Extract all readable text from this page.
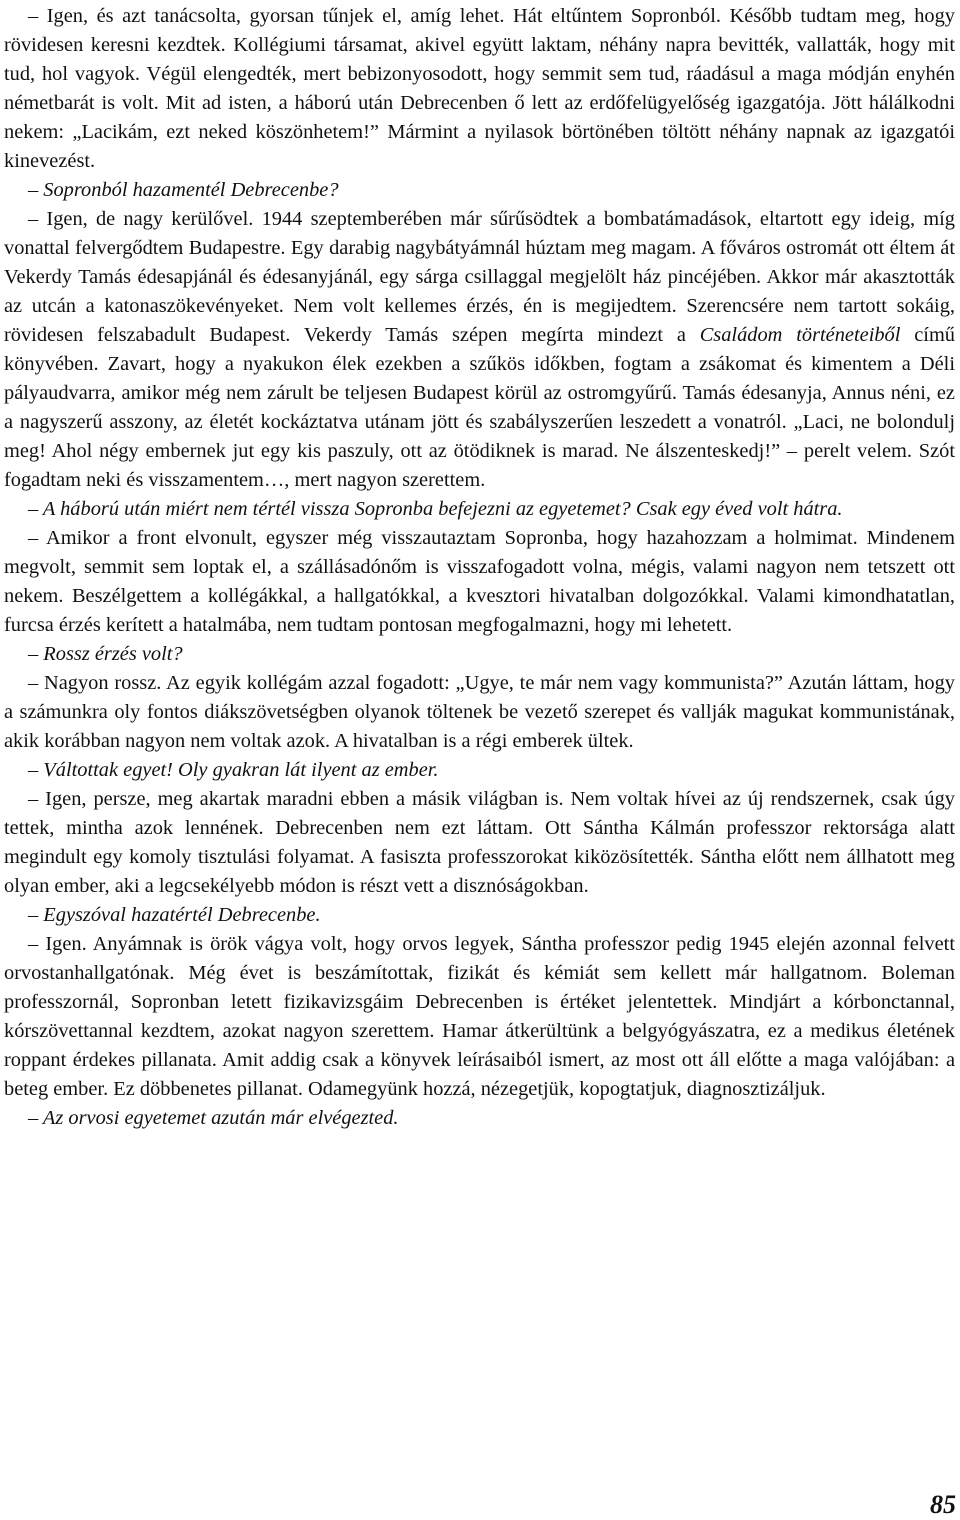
– Igen, és azt tanácsolta, gyorsan tűnjek el, amíg lehet. Hát eltűntem Sopronból. Később tudtam meg, hogy rövidesen keresni kezdtek. Kollégiumi társamat, akivel együtt laktam, néhány napra bevitték, vallatták, hogy mit tud, hol vagyok. Végül elengedték, mert bebizonyosodott, hogy semmit sem tud, ráadásul a maga módján enyhén németbarát is volt. Mit ad isten, a háború után Debrecenben ő lett az erdőfelügyelőség igazgatója. Jött hálálkodni nekem: „Lacikám, ezt neked köszönhetem!” Mármint a nyilasok börtönében töltött néhány napnak az igazgatói kinevezést.

– Sopronból hazamentél Debrecenbe?

– Igen, de nagy kerülővel. 1944 szeptemberében már sűrűsödtek a bombatámadások, eltartott egy ideig, míg vonattal felvergődtem Budapestre. Egy darabig nagybátyámnál húztam meg magam. A főváros ostromát ott éltem át Vekerdy Tamás édesapjánál és édesanyjánál, egy sárga csillaggal megjelölt ház pincéjében. Akkor már akasztották az utcán a katonaszökevényeket. Nem volt kellemes érzés, én is megijedtem. Szerencsére nem tartott sokáig, rövidesen felszabadult Budapest. Vekerdy Tamás szépen megírta mindezt a Családom történeteiből című könyvében. Zavart, hogy a nyakukon élek ezekben a szűkös időkben, fogtam a zsákomat és kimentem a Déli pályaudvarra, amikor még nem zárult be teljesen Budapest körül az ostromgyűrű. Tamás édesanyja, Annus néni, ez a nagyszerű asszony, az életét kockáztatva utánam jött és szabályszerűen leszedett a vonatról. „Laci, ne bolondulj meg! Ahol négy embernek jut egy kis paszuly, ott az ötödiknek is marad. Ne álszenteskedj!” – perelt velem. Szót fogadtam neki és visszamentem…, mert nagyon szerettem.

– A háború után miért nem tértél vissza Sopronba befejezni az egyetemet? Csak egy éved volt hátra.

– Amikor a front elvonult, egyszer még visszautaztam Sopronba, hogy hazahozzam a holmimat. Mindenem megvolt, semmit sem loptak el, a szállásadónőm is visszafogadott volna, mégis, valami nagyon nem tetszett ott nekem. Beszélgettem a kollégákkal, a hallgatókkal, a kvesztori hivatalban dolgozókkal. Valami kimondhatatlan, furcsa érzés kerített a hatalmába, nem tudtam pontosan megfogalmazni, hogy mi lehetett.

– Rossz érzés volt?

– Nagyon rossz. Az egyik kollégám azzal fogadott: „Ugye, te már nem vagy kommunista?” Azután láttam, hogy a számunkra oly fontos diákszövetségben olyanok töltenek be vezető szerepet és vallják magukat kommunistának, akik korábban nagyon nem voltak azok. A hivatalban is a régi emberek ültek.

– Váltottak egyet! Oly gyakran lát ilyent az ember.

– Igen, persze, meg akartak maradni ebben a másik világban is. Nem voltak hívei az új rendszernek, csak úgy tettek, mintha azok lennének. Debrecenben nem ezt láttam. Ott Sántha Kálmán professzor rektorsága alatt megindult egy komoly tisztulási folyamat. A fasiszta professzorokat kiközösítették. Sántha előtt nem állhatott meg olyan ember, aki a legcsekélyebb módon is részt vett a disznóságokban.

– Egyszóval hazatértél Debrecenbe.

– Igen. Anyámnak is örök vágya volt, hogy orvos legyek, Sántha professzor pedig 1945 elején azonnal felvett orvostanhallgatónak. Még évet is beszámítottak, fizikát és kémiát sem kellett már hallgatnom. Boleman professzornál, Sopronban letett fizikavizsgáim Debrecenben is értéket jelentettek. Mindjárt a kórbonctannal, kórszövettannal kezdtem, azokat nagyon szerettem. Hamar átkerültünk a belgyógyászatra, ez a medikus életének roppant érdekes pillanata. Amit addig csak a könyvek leírásaiból ismert, az most ott áll előtte a maga valójában: a beteg ember. Ez döbbenetes pillanat. Odamegyünk hozzá, nézegetjük, kopogtatjuk, diagnosztizáljuk.

– Az orvosi egyetemet azután már elvégezted.

85
